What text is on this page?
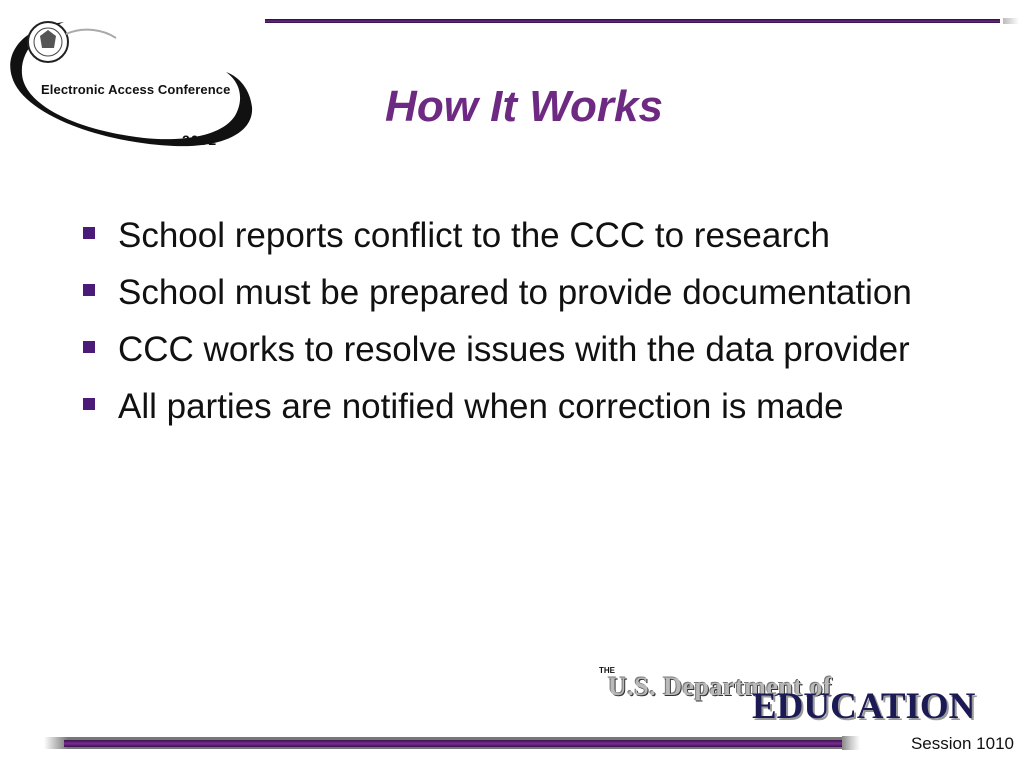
Electronic Access Conference
2002
How It Works
School reports conflict to the CCC to research
School must be prepared to provide documentation
CCC works to resolve issues with the data provider
All parties are notified when correction is made
THE
U.S. Department of
EDUCATION
Session 1010
